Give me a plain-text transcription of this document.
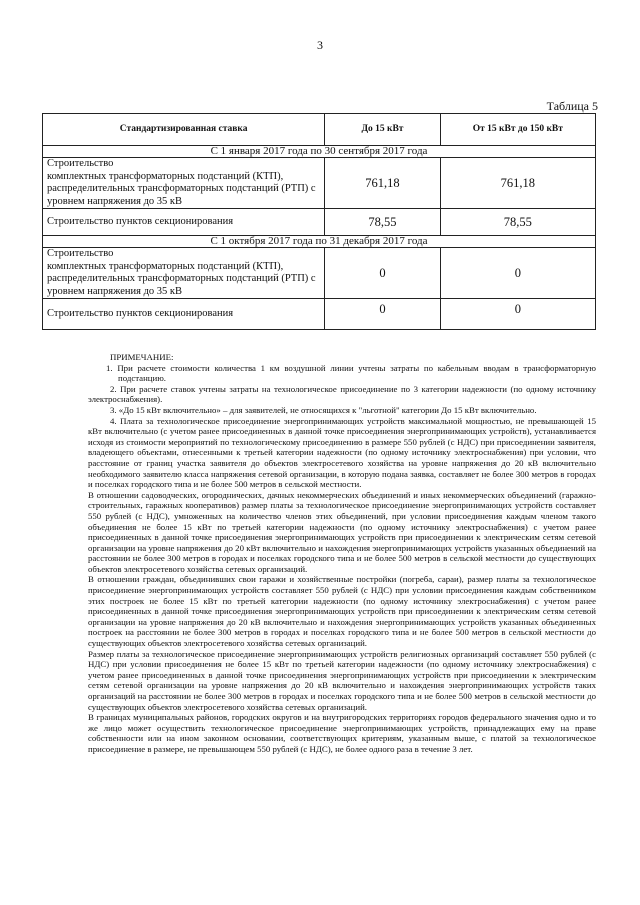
3
Таблица 5
Стандартизированная ставка	До 15 кВт	От 15 кВт до 150 кВт
С 1 января 2017 года по 30 сентября 2017 года		
Строительство
комплектных трансформаторных подстанций (КТП),
распределительных трансформаторных подстанций (РТП) с
уровнем напряжения до 35 кВ	761,18	761,18
Строительство пунктов секционирования	78,55	78,55
С 1 октября 2017 года по 31 декабря 2017 года		
Строительство
комплектных трансформаторных подстанций (КТП),
распределительных трансформаторных подстанций (РТП) с
уровнем напряжения до 35 кВ	0	0
Строительство пунктов секционирования	0	0

ПРИМЕЧАНИЕ:

1. При расчете стоимости количества 1 км воздушной линии учтены затраты по кабельным вводам в трансформаторную подстанцию.

2. При расчете ставок учтены затраты на технологическое присоединение по 3 категории надежности (по одному источнику электроснабжения).

3. «До 15 кВт включительно» – для заявителей, не относящихся к "льготной" категории До 15 кВт включительно.

4. Плата за технологическое присоединение энергопринимающих устройств максимальной мощностью, не превышающей 15 кВт включительно (с учетом ранее присоединенных в данной точке присоединения энергопринимающих устройств), устанавливается исходя из стоимости мероприятий по технологическому присоединению в размере 550 рублей (с НДС) при присоединении заявителя, владеющего объектами, отнесенными к третьей категории надежности (по одному источнику электроснабжения) при условии, что расстояние от границ участка заявителя до объектов электросетевого хозяйства на уровне напряжения до 20 кВ включительно необходимого заявителю класса напряжения сетевой организации, в которую подана заявка, составляет не более 300 метров в городах и поселках городского типа и не более 500 метров в сельской местности.

В отношении садоводческих, огороднических, дачных некоммерческих объединений и иных некоммерческих объединений (гаражно-строительных, гаражных кооперативов) размер платы за технологическое присоединение энергопринимающих устройств составляет 550 рублей (с НДС), умноженных на количество членов этих объединений, при условии присоединения каждым членом такого объединения не более 15 кВт по третьей категории надежности (по одному источнику электроснабжения) с учетом ранее присоединенных в данной точке присоединения энергопринимающих устройств при присоединении к электрическим сетям сетевой организации на уровне напряжения до 20 кВт включительно и нахождения энергопринимающих устройств указанных объединений на расстоянии не более 300 метров в городах и поселках городского типа и не более 500 метров в сельской местности до существующих объектов электросетевого хозяйства сетевых организаций.

В отношении граждан, объединивших свои гаражи и хозяйственные постройки (погреба, сараи), размер платы за технологическое присоединение энергопринимающих устройств составляет 550 рублей (с НДС) при условии присоединения каждым собственником этих построек не более 15 кВт по третьей категории надежности (по одному источнику электроснабжения) с учетом ранее присоединенных в данной точке присоединения энергопринимающих устройств при присоединении к электрическим сетям сетевой организации на уровне напряжения до 20 кВ включительно и нахождения энергопринимающих устройств указанных объединенных построек на расстоянии не более 300 метров в городах и поселках городского типа и не более 500 метров в сельской местности до существующих объектов электросетевого хозяйства сетевых организаций.

Размер платы за технологическое присоединение энергопринимающих устройств религиозных организаций составляет 550 рублей (с НДС) при условии присоединения не более 15 кВт по третьей категории надежности (по одному источнику электроснабжения) с учетом ранее присоединенных в данной точке присоединения энергопринимающих устройств при присоединении к электрическим сетям сетевой организации на уровне напряжения до 20 кВ включительно и нахождения энергопринимающих устройств таких организаций на расстоянии не более 300 метров в городах и поселках городского типа и не более 500 метров в сельской местности до существующих объектов электросетевого хозяйства сетевых организаций.

В границах муниципальных районов, городских округов и на внутригородских территориях городов федерального значения одно и то же лицо может осуществить технологическое присоединение энергопринимающих устройств, принадлежащих ему на праве собственности или на ином законном основании, соответствующих критериям, указанным выше, с платой за технологическое присоединение в размере, не превышающем 550 рублей (с НДС), не более одного раза в течение 3 лет.
